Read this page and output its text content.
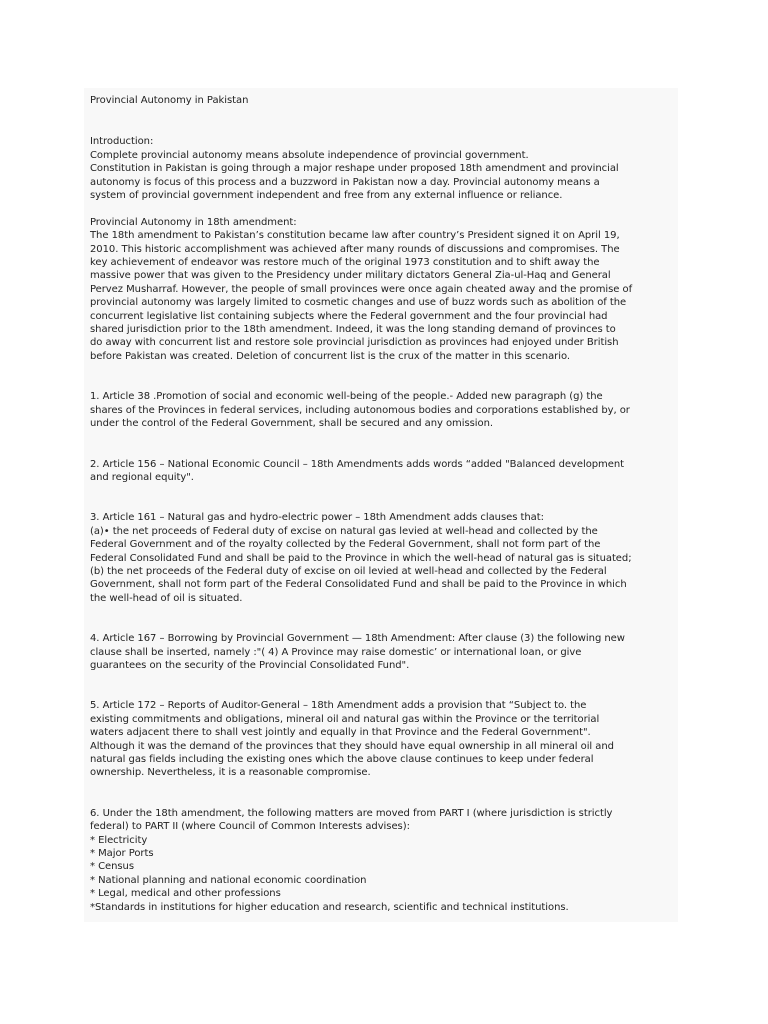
Provincial Autonomy in Pakistan
Introduction:
Complete provincial autonomy means absolute independence of provincial government.
Constitution in Pakistan is going through a major reshape under proposed 18th amendment and provincial
autonomy is focus of this process and a buzzword in Pakistan now a day. Provincial autonomy means a
system of provincial government independent and free from any external influence or reliance.
Provincial Autonomy in 18th amendment:
The 18th amendment to Pakistan’s constitution became law after country’s President signed it on April 19,
2010. This historic accomplishment was achieved after many rounds of discussions and compromises. The
key achievement of endeavor was restore much of the original 1973 constitution and to shift away the
massive power that was given to the Presidency under military dictators General Zia-ul-Haq and General
Pervez Musharraf. However, the people of small provinces were once again cheated away and the promise of
provincial autonomy was largely limited to cosmetic changes and use of buzz words such as abolition of the
concurrent legislative list containing subjects where the Federal government and the four provincial had
shared jurisdiction prior to the 18th amendment. Indeed, it was the long standing demand of provinces to
do away with concurrent list and restore sole provincial jurisdiction as provinces had enjoyed under British
before Pakistan was created. Deletion of concurrent list is the crux of the matter in this scenario.
1. Article 38 .Promotion of social and economic well-being of the people.- Added new paragraph (g) the
shares of the Provinces in federal services, including autonomous bodies and corporations established by, or
under the control of the Federal Government, shall be secured and any omission.
2. Article 156 – National Economic Council – 18th Amendments adds words “added "Balanced development
and regional equity".
3. Article 161 – Natural gas and hydro-electric power – 18th Amendment adds clauses that:
(a)• the net proceeds of Federal duty of excise on natural gas levied at well-head and collected by the
Federal Government and of the royalty collected by the Federal Government, shall not form part of the
Federal Consolidated Fund and shall be paid to the Province in which the well-head of natural gas is situated;
(b) the net proceeds of the Federal duty of excise on oil levied at well-head and collected by the Federal
Government, shall not form part of the Federal Consolidated Fund and shall be paid to the Province in which
the well-head of oil is situated.
4. Article 167 – Borrowing by Provincial Government — 18th Amendment: After clause (3) the following new
clause shall be inserted, namely :"( 4) A Province may raise domestic’ or international loan, or give
guarantees on the security of the Provincial Consolidated Fund".
5. Article 172 – Reports of Auditor-General – 18th Amendment adds a provision that “Subject to. the
existing commitments and obligations, mineral oil and natural gas within the Province or the territorial
waters adjacent there to shall vest jointly and equally in that Province and the Federal Government".
Although it was the demand of the provinces that they should have equal ownership in all mineral oil and
natural gas fields including the existing ones which the above clause continues to keep under federal
ownership. Nevertheless, it is a reasonable compromise.
6. Under the 18th amendment, the following matters are moved from PART I (where jurisdiction is strictly
federal) to PART II (where Council of Common Interests advises):
* Electricity
* Major Ports
* Census
* National planning and national economic coordination
* Legal, medical and other professions
*Standards in institutions for higher education and research, scientific and technical institutions.
